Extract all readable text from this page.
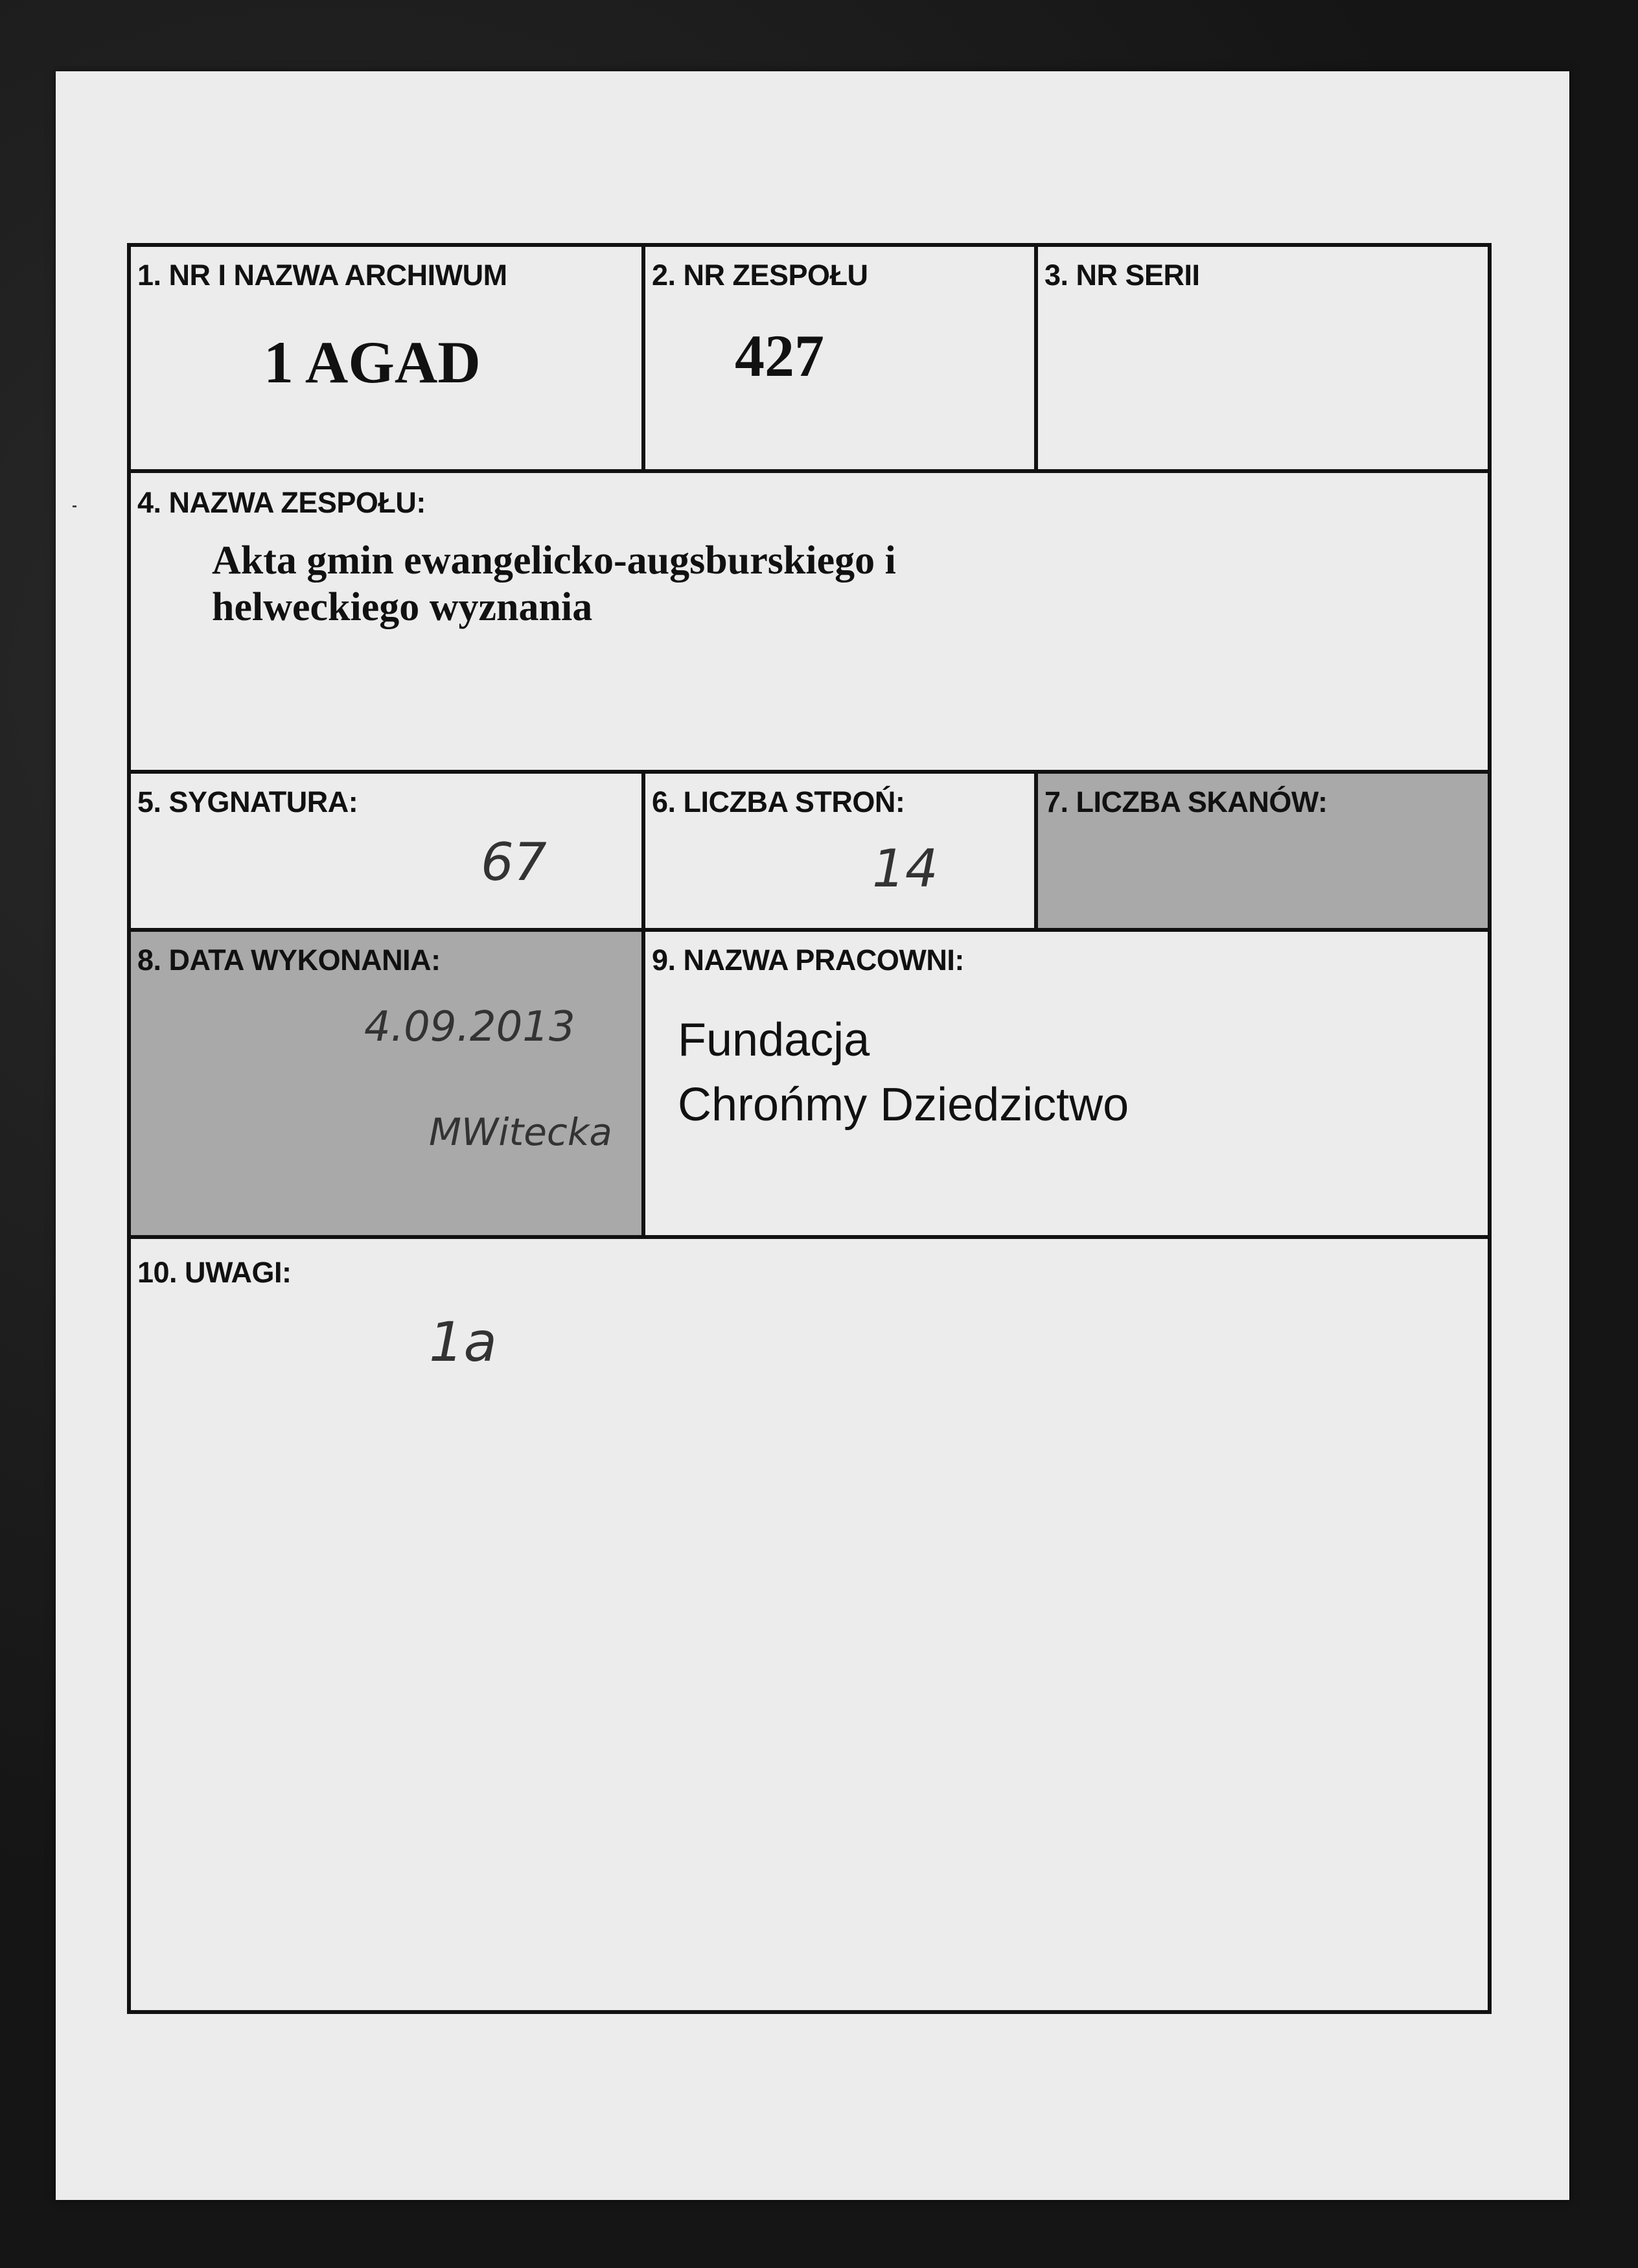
1. NR I NAZWA ARCHIWUM
1 AGAD
2. NR ZESPOŁU
427
3. NR SERII
4. NAZWA ZESPOŁU:
Akta gmin ewangelicko-augsburskiego i
helweckiego wyznania
5. SYGNATURA:
67
6. LICZBA STROŃ:
14
7. LICZBA SKANÓW:
8. DATA WYKONANIA:
4.09.2013
MWitecka
9. NAZWA PRACOWNI:
Fundacja
Chrońmy Dziedzictwo
10. UWAGI:
1a
